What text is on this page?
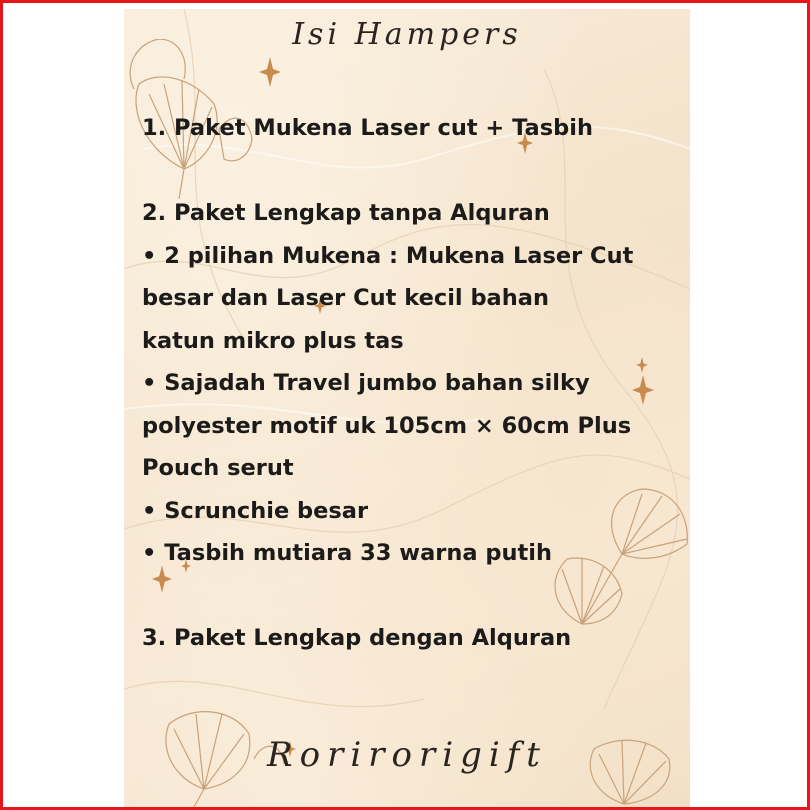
Isi Hampers
1. Paket Mukena Laser cut + Tasbih
2. Paket Lengkap tanpa Alquran
• 2 pilihan Mukena : Mukena Laser Cut
besar dan Laser Cut kecil bahan
katun mikro plus tas
• Sajadah Travel jumbo bahan silky
polyester motif uk 105cm × 60cm Plus
Pouch serut
• Scrunchie besar
• Tasbih mutiara 33 warna putih
3. Paket Lengkap dengan Alquran
Rorirorigift
